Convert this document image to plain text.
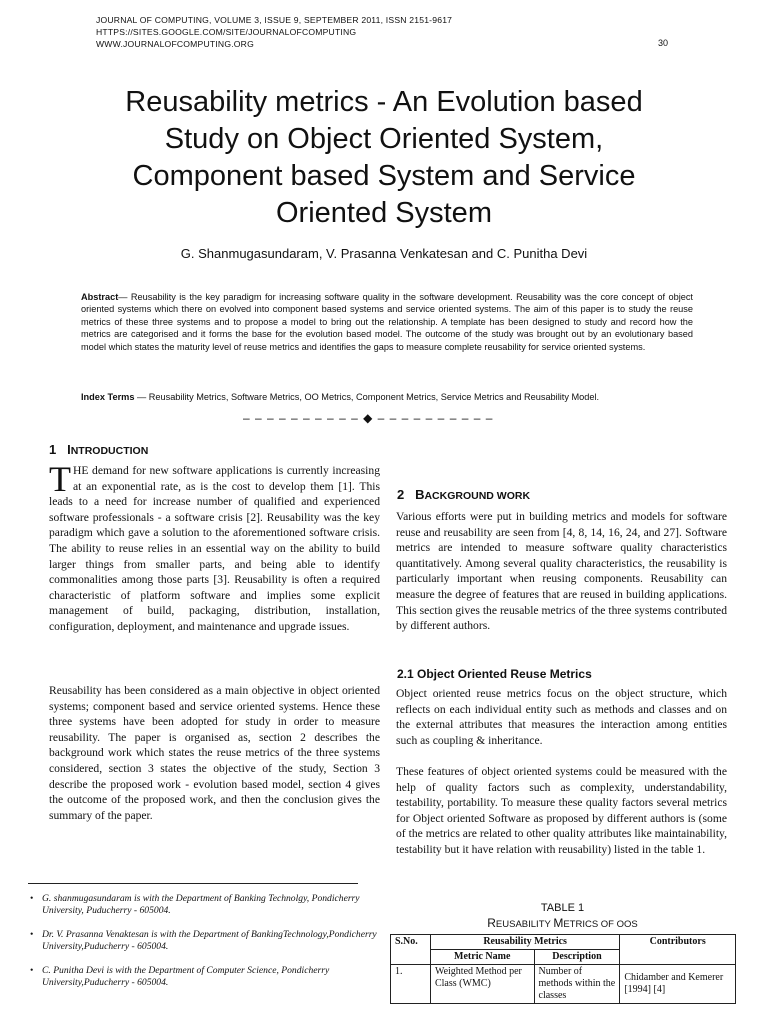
JOURNAL OF COMPUTING, VOLUME 3, ISSUE 9, SEPTEMBER 2011, ISSN 2151-9617
HTTPS://SITES.GOOGLE.COM/SITE/JOURNALOFCOMPUTING
WWW.JOURNALOFCOMPUTING.ORG	30
Reusability metrics - An Evolution based
Study on Object Oriented System,
Component based System and Service
Oriented System
G. Shanmugasundaram, V. Prasanna Venkatesan and C. Punitha Devi

Abstract— Reusability is the key paradigm for increasing software quality in the software development. Reusability was the core concept of object oriented systems which there on evolved into component based systems and service oriented systems. The aim of this paper is to study the reuse metrics of these three systems and to propose a model to bring out the relationship. A template has been designed to study and record how the metrics are categorised and it forms the base for the evolution based model. The outcome of the study was brought out by an evolutionary based model which states the maturity level of reuse metrics and identifies the gaps to measure complete reusability for service oriented systems.

Index Terms — Reusability Metrics, Software Metrics, OO Metrics, Component Metrics, Service Metrics and Reusability Model.
– – – – – – – – – – ◆ – – – – – – – – – –
1 INTRODUCTION

THE demand for new software applications is currently increasing at an exponential rate, as is the cost to develop them [1]. This leads to a need for increase number of qualified and experienced software professionals - a software crisis [2]. Reusability was the key paradigm which gave a solution to the aforementioned software crisis. The ability to reuse relies in an essential way on the ability to build larger things from smaller parts, and being able to identify commonalities among those parts [3]. Reusability is often a required characteristic of platform software and implies some explicit management of build, packaging, distribution, installation, configuration, deployment, and maintenance and upgrade issues.

Reusability has been considered as a main objective in object oriented systems; component based and service oriented systems. Hence these three systems have been adopted for study in order to measure reusability. The paper is organised as, section 2 describes the background work which states the reuse metrics of the three systems considered, section 3 states the objective of the study, Section 3 describe the proposed work - evolution based model, section 4 gives the outcome of the proposed work, and then the conclusion gives the summary of the paper.

• G. shanmugasundaram is with the Department of Banking Technolgy, Pondicherry University, Puducherry - 605004.

• Dr. V. Prasanna Venaktesan is with the Department of BankingTechnology,Pondicherry University,Puducherry - 605004.

• C. Punitha Devi is with the Department of Computer Science, Pondicherry University,Puducherry - 605004.

2 BACKGROUND WORK

Various efforts were put in building metrics and models for software reuse and reusability are seen from [4, 8, 14, 16, 24, and 27]. Software metrics are intended to measure software quality characteristics quantitatively. Among several quality characteristics, the reusability is particularly important when reusing components. Reusability can measure the degree of features that are reused in building applications. This section gives the reusable metrics of the three systems contributed by different authors.

2.1 Object Oriented Reuse Metrics

Object oriented reuse metrics focus on the object structure, which reflects on each individual entity such as methods and classes and on the external attributes that measures the interaction among entities such as coupling & inheritance.

These features of object oriented systems could be measured with the help of quality factors such as complexity, understandability, testability, portability. To measure these quality factors several metrics for Object oriented Software as proposed by different authors is (some of the metrics are related to other quality attributes like maintainability, testability but it have relation with reusability) listed in the table 1.

TABLE 1
REUSABILITY METRICS OF OOS
S.No.	Reusability Metrics		Contributors
	Metric Name	Description	
1.	Weighted Method per Class (WMC)	Number of methods within the classes	Chidamber and Kemerer [1994] [4]
